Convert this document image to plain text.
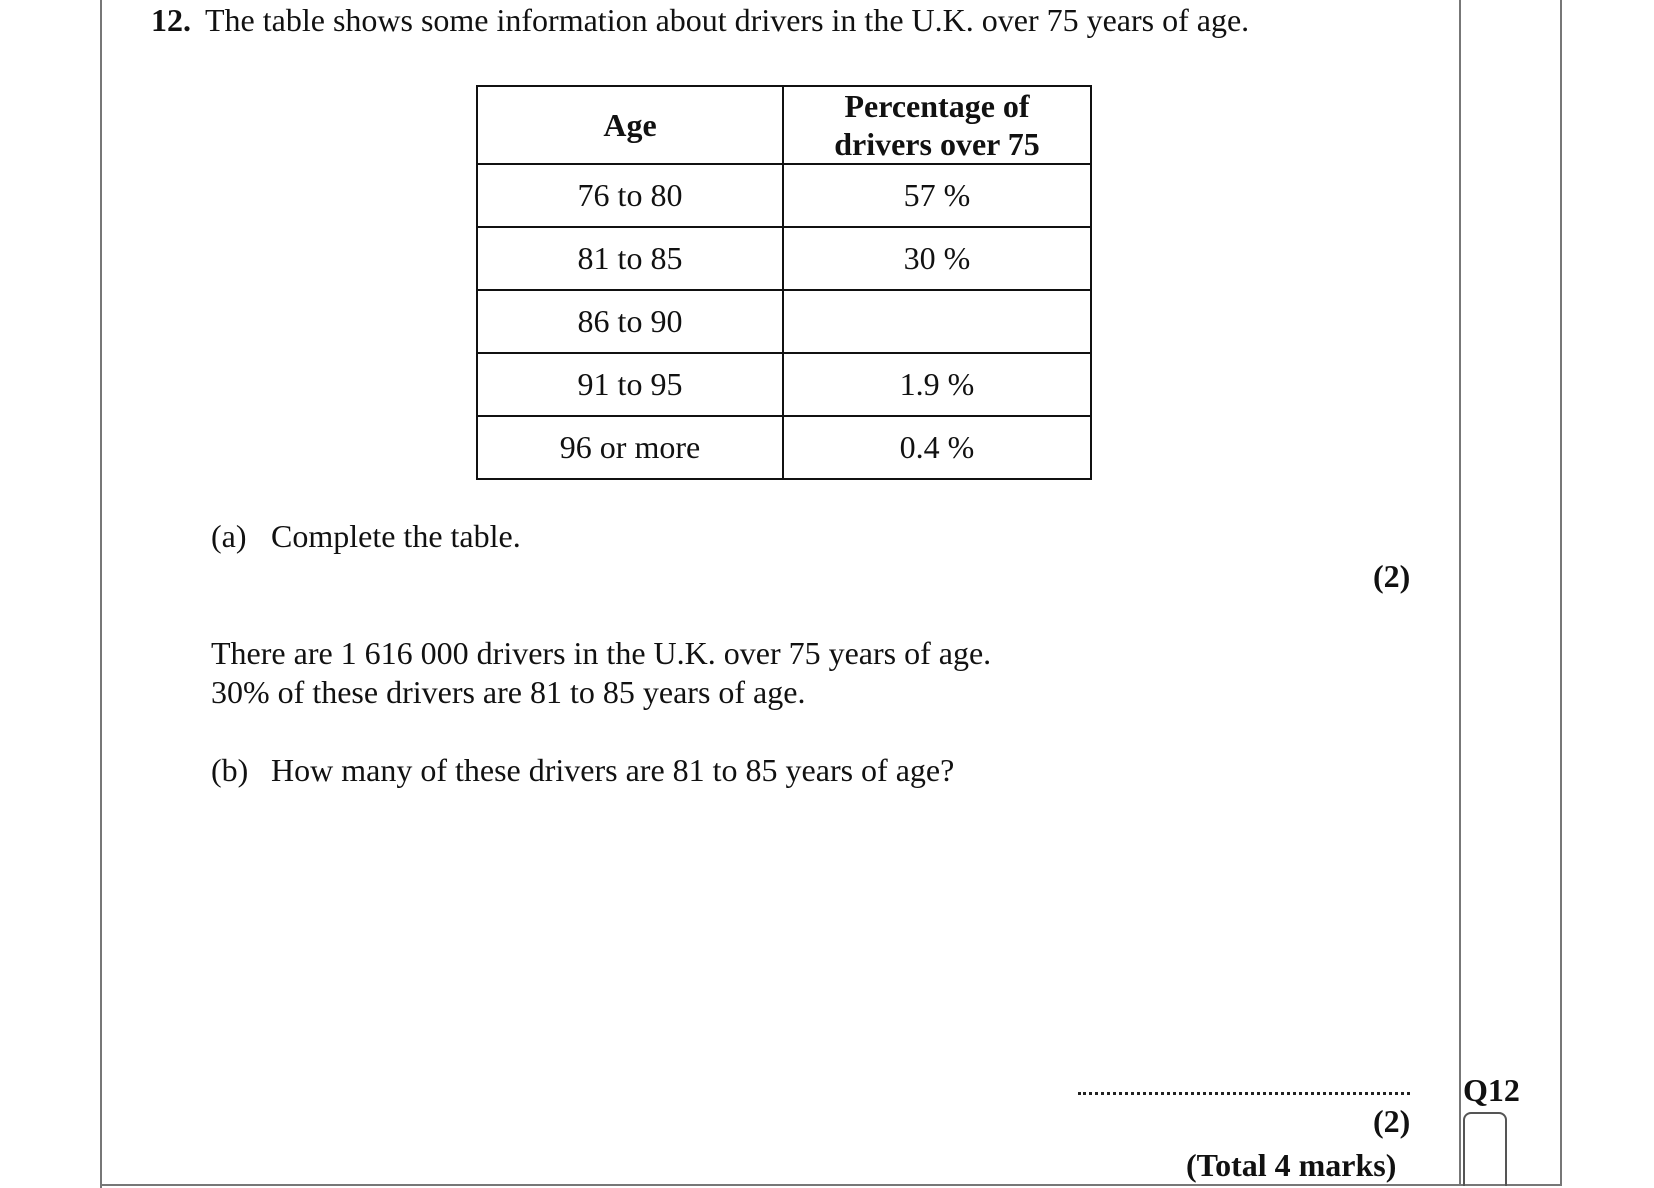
12. The table shows some information about drivers in the U.K. over 75 years of age.
Age	Percentage of
drivers over 75
76 to 80	57 %
81 to 85	30 %
86 to 90	
91 to 95	1.9 %
96 or more	0.4 %
(a) Complete the table.
(2)
There are 1 616 000 drivers in the U.K. over 75 years of age.
30% of these drivers are 81 to 85 years of age.
(b) How many of these drivers are 81 to 85 years of age?
(2)
(Total 4 marks)
Q12
